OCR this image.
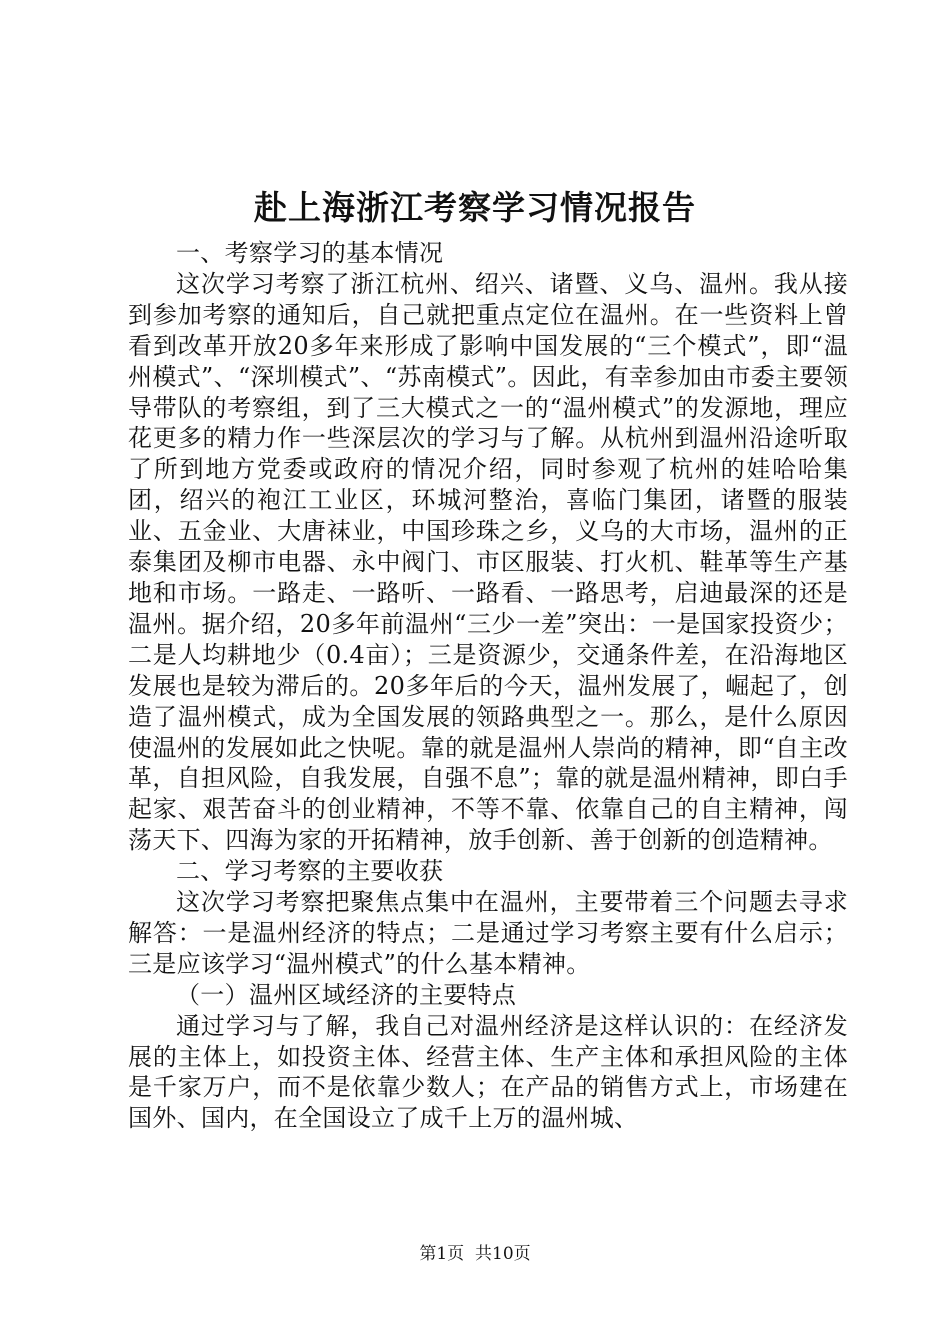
赴上海浙江考察学习情况报告

一、考察学习的基本情况

这次学习考察了浙江杭州、绍兴、诸暨、义乌、温州。我从接到参加考察的通知后，自己就把重点定位在温州。在一些资料上曾看到改革开放20多年来形成了影响中国发展的“三个模式”，即“温州模式”、“深圳模式”、“苏南模式”。因此，有幸参加由市委主要领导带队的考察组，到了三大模式之一的“温州模式”的发源地，理应花更多的精力作一些深层次的学习与了解。从杭州到温州沿途听取了所到地方党委或政府的情况介绍，同时参观了杭州的娃哈哈集团，绍兴的袍江工业区，环城河整治，喜临门集团，诸暨的服装业、五金业、大唐袜业，中国珍珠之乡，义乌的大市场，温州的正泰集团及柳市电器、永中阀门、市区服装、打火机、鞋革等生产基地和市场。一路走、一路听、一路看、一路思考，启迪最深的还是温州。据介绍，20多年前温州“三少一差”突出：一是国家投资少；二是人均耕地少（0.4亩）；三是资源少，交通条件差，在沿海地区发展也是较为滞后的。20多年后的今天，温州发展了，崛起了，创造了温州模式，成为全国发展的领路典型之一。那么，是什么原因使温州的发展如此之快呢。靠的就是温州人崇尚的精神，即“自主改革，自担风险，自我发展，自强不息”；靠的就是温州精神，即白手起家、艰苦奋斗的创业精神，不等不靠、依靠自己的自主精神，闯荡天下、四海为家的开拓精神，放手创新、善于创新的创造精神。

二、学习考察的主要收获

这次学习考察把聚焦点集中在温州，主要带着三个问题去寻求解答：一是温州经济的特点；二是通过学习考察主要有什么启示；三是应该学习“温州模式”的什么基本精神。

（一）温州区域经济的主要特点

通过学习与了解，我自己对温州经济是这样认识的：在经济发展的主体上，如投资主体、经营主体、生产主体和承担风险的主体是千家万户，而不是依靠少数人；在产品的销售方式上，市场建在国外、国内，在全国设立了成千上万的温州城、

第1页 共10页
